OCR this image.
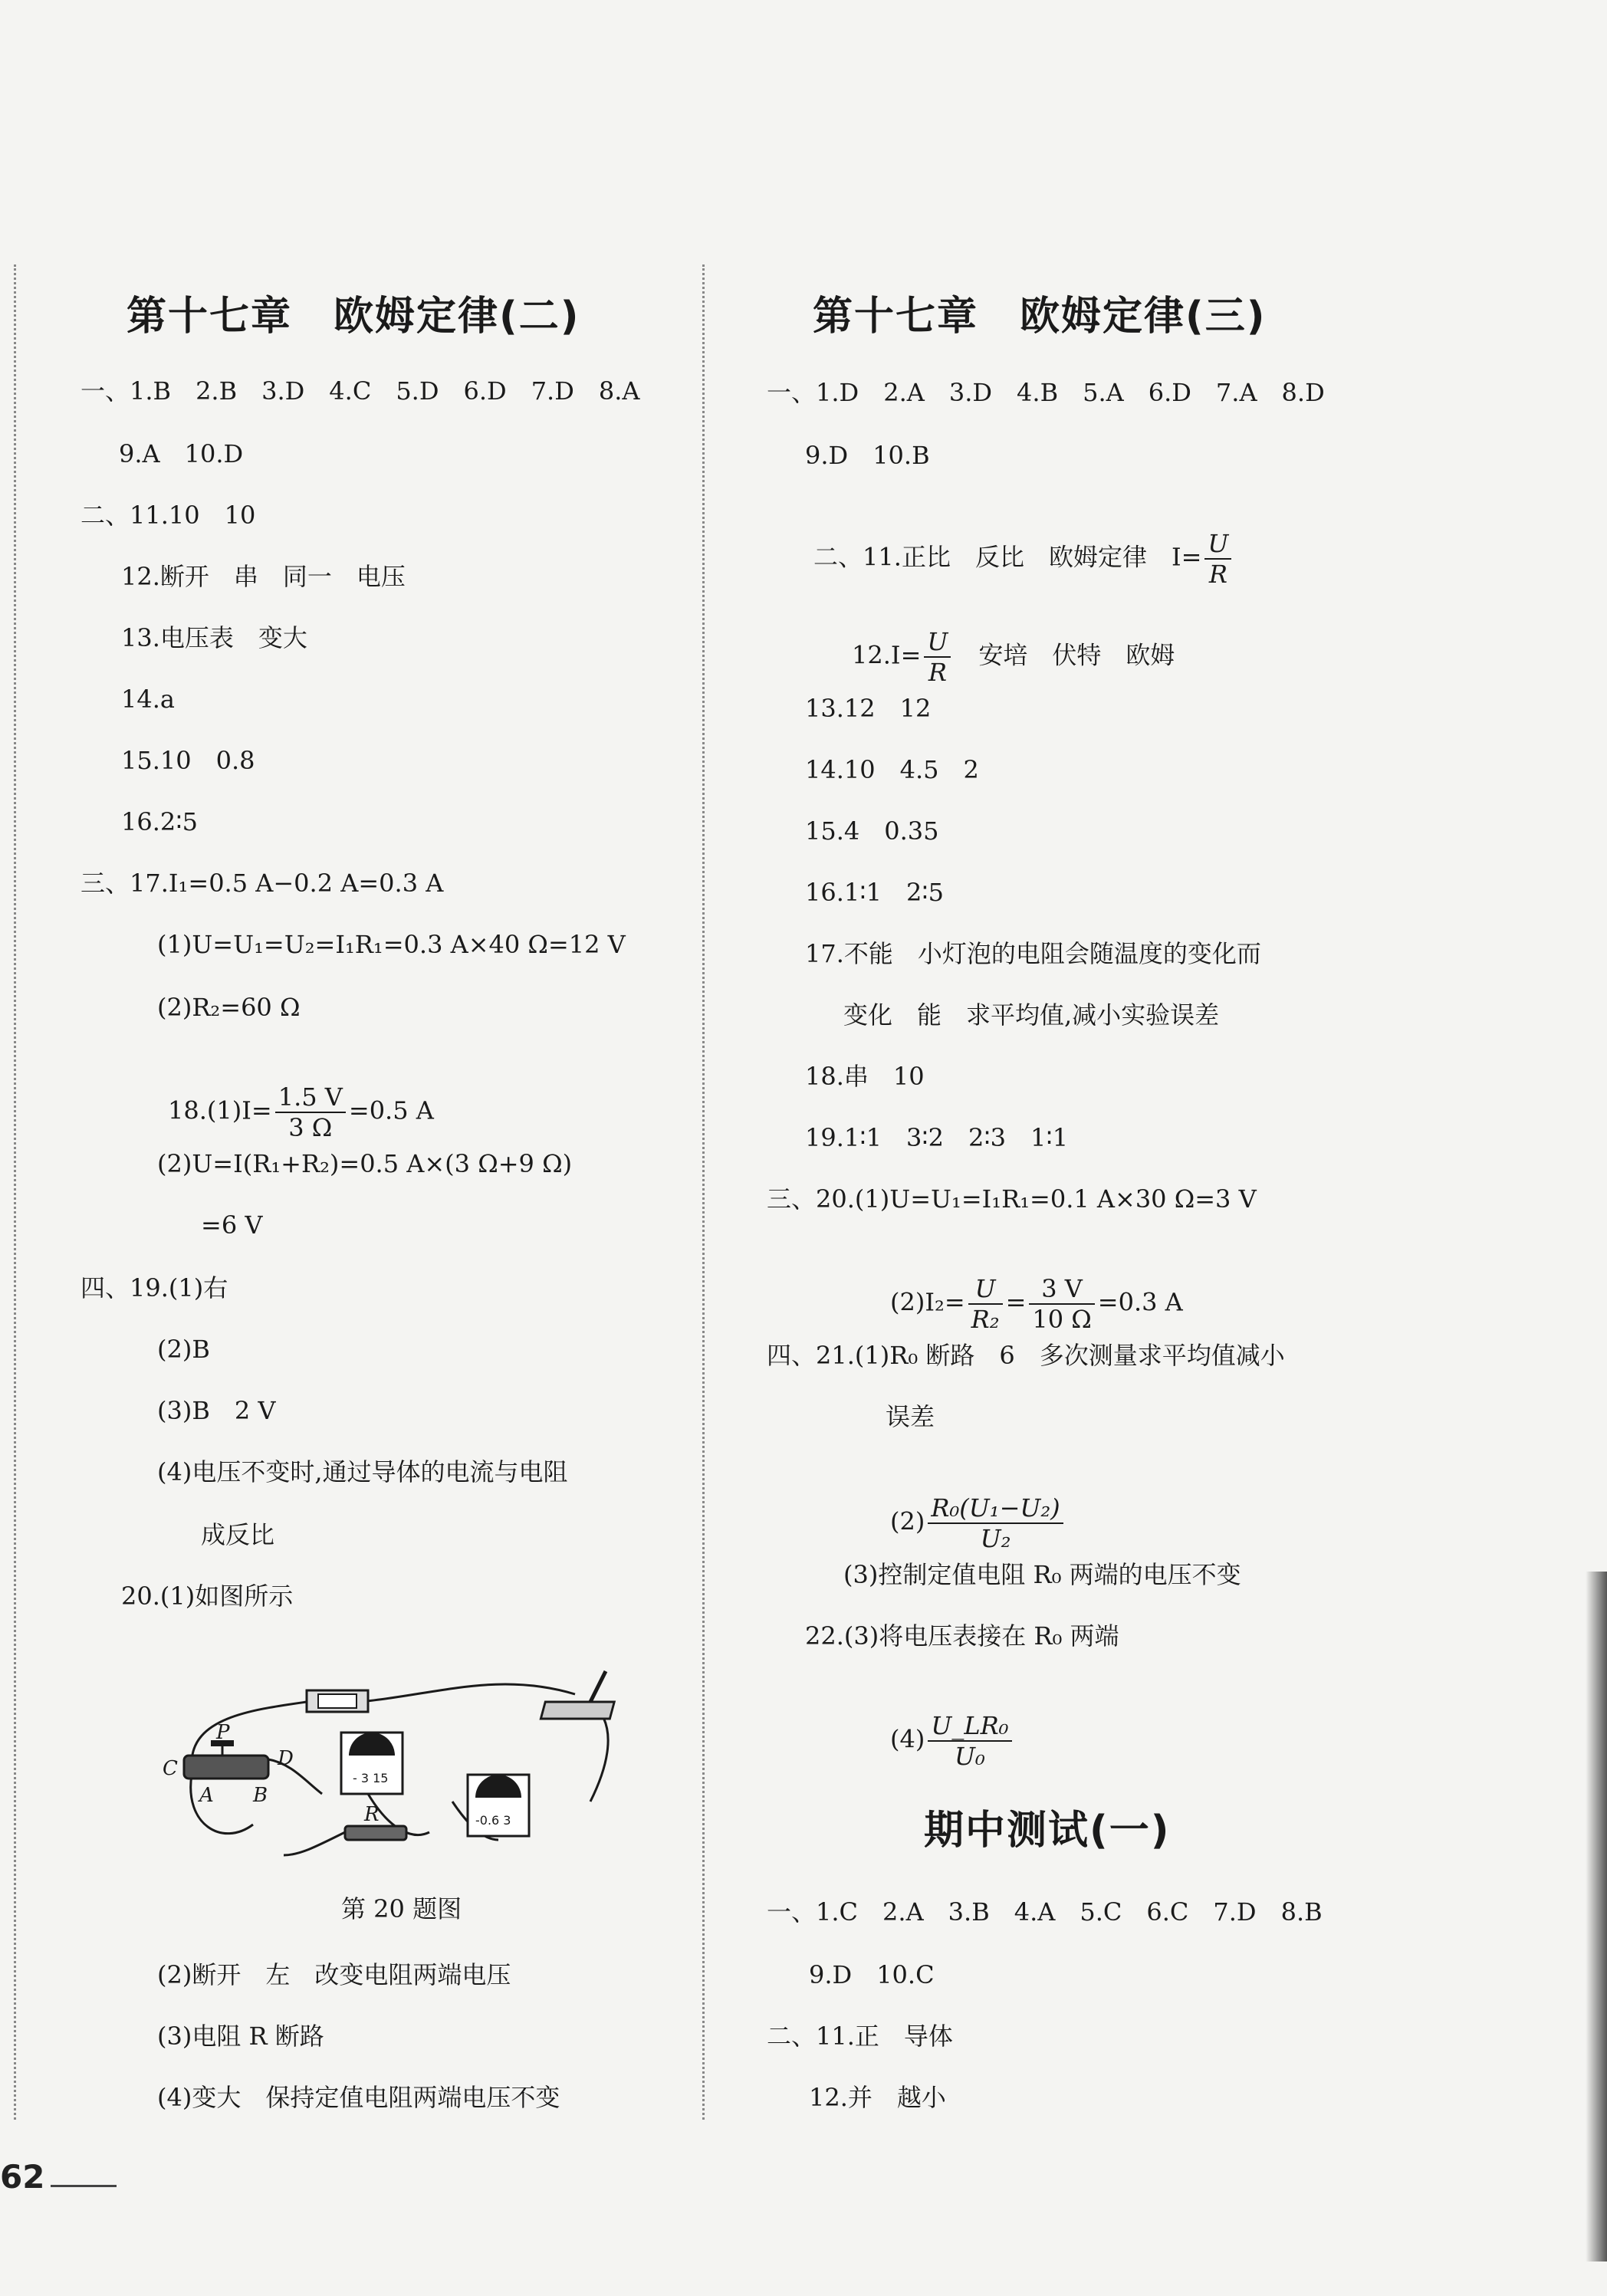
第十七章　欧姆定律(二)
一、1.B　2.B　3.D　4.C　5.D　6.D　7.D　8.A
9.A　10.D
二、11.10　10
12.断开　串　同一　电压
13.电压表　变大
14.a
15.10　0.8
16.2∶5
三、17.I₁=0.5 A−0.2 A=0.3 A
(1)U=U₁=U₂=I₁R₁=0.3 A×40 Ω=12 V
(2)R₂=60 Ω

$18.(1)I= \frac{1.5 V}{3 \Omega} =0.5$ A

(2)U=I(R₁+R₂)=0.5 A×(3 Ω+9 Ω)
=6 V
四、19.(1)右
(2)B
(3)B　2 V
(4)电压不变时,通过导体的电流与电阻
成反比
20.(1)如图所示
C
P
D
A B
R
- 3 15
-0.6 3
第 20 题图
(2)断开　左　改变电阻两端电压
(3)电阻 R 断路
(4)变大　保持定值电阻两端电压不变
第十七章　欧姆定律(三)
一、1.D　2.A　3.D　4.B　5.A　6.D　7.A　8.D
9.D　10.B

二、11.正比　反比　欧姆定律　$I= \frac{U}{R}$

$12.I= \frac{U}{R}$ 　安培　伏特　欧姆

13.12　12
14.10　4.5　2
15.4　0.35
16.1∶1　2∶5
17.不能　小灯泡的电阻会随温度的变化而
变化　能　求平均值,减小实验误差
18.串　10
19.1∶1　3∶2　2∶3　1∶1
三、20.(1)U=U₁=I₁R₁=0.1 A×30 Ω=3 V

$(2)I_2= \frac{U}{\text{R₂}} = \frac{3 V}{10 \Omega} =0.3$ A

四、21.(1)R₀ 断路　6　多次测量求平均值减小
误差

$(2) \frac{\text{R₀(U₁−U₂)}}{\text{U₂}}$

(3)控制定值电阻 R₀ 两端的电压不变
22.(3)将电压表接在 R₀ 两端

$(4) \frac{\text{U\_LR₀}}{\text{U₀}}$

期中测试(一)
一、1.C　2.A　3.B　4.A　5.C　6.C　7.D　8.B
9.D　10.C
二、11.正　导体
12.并　越小
62
